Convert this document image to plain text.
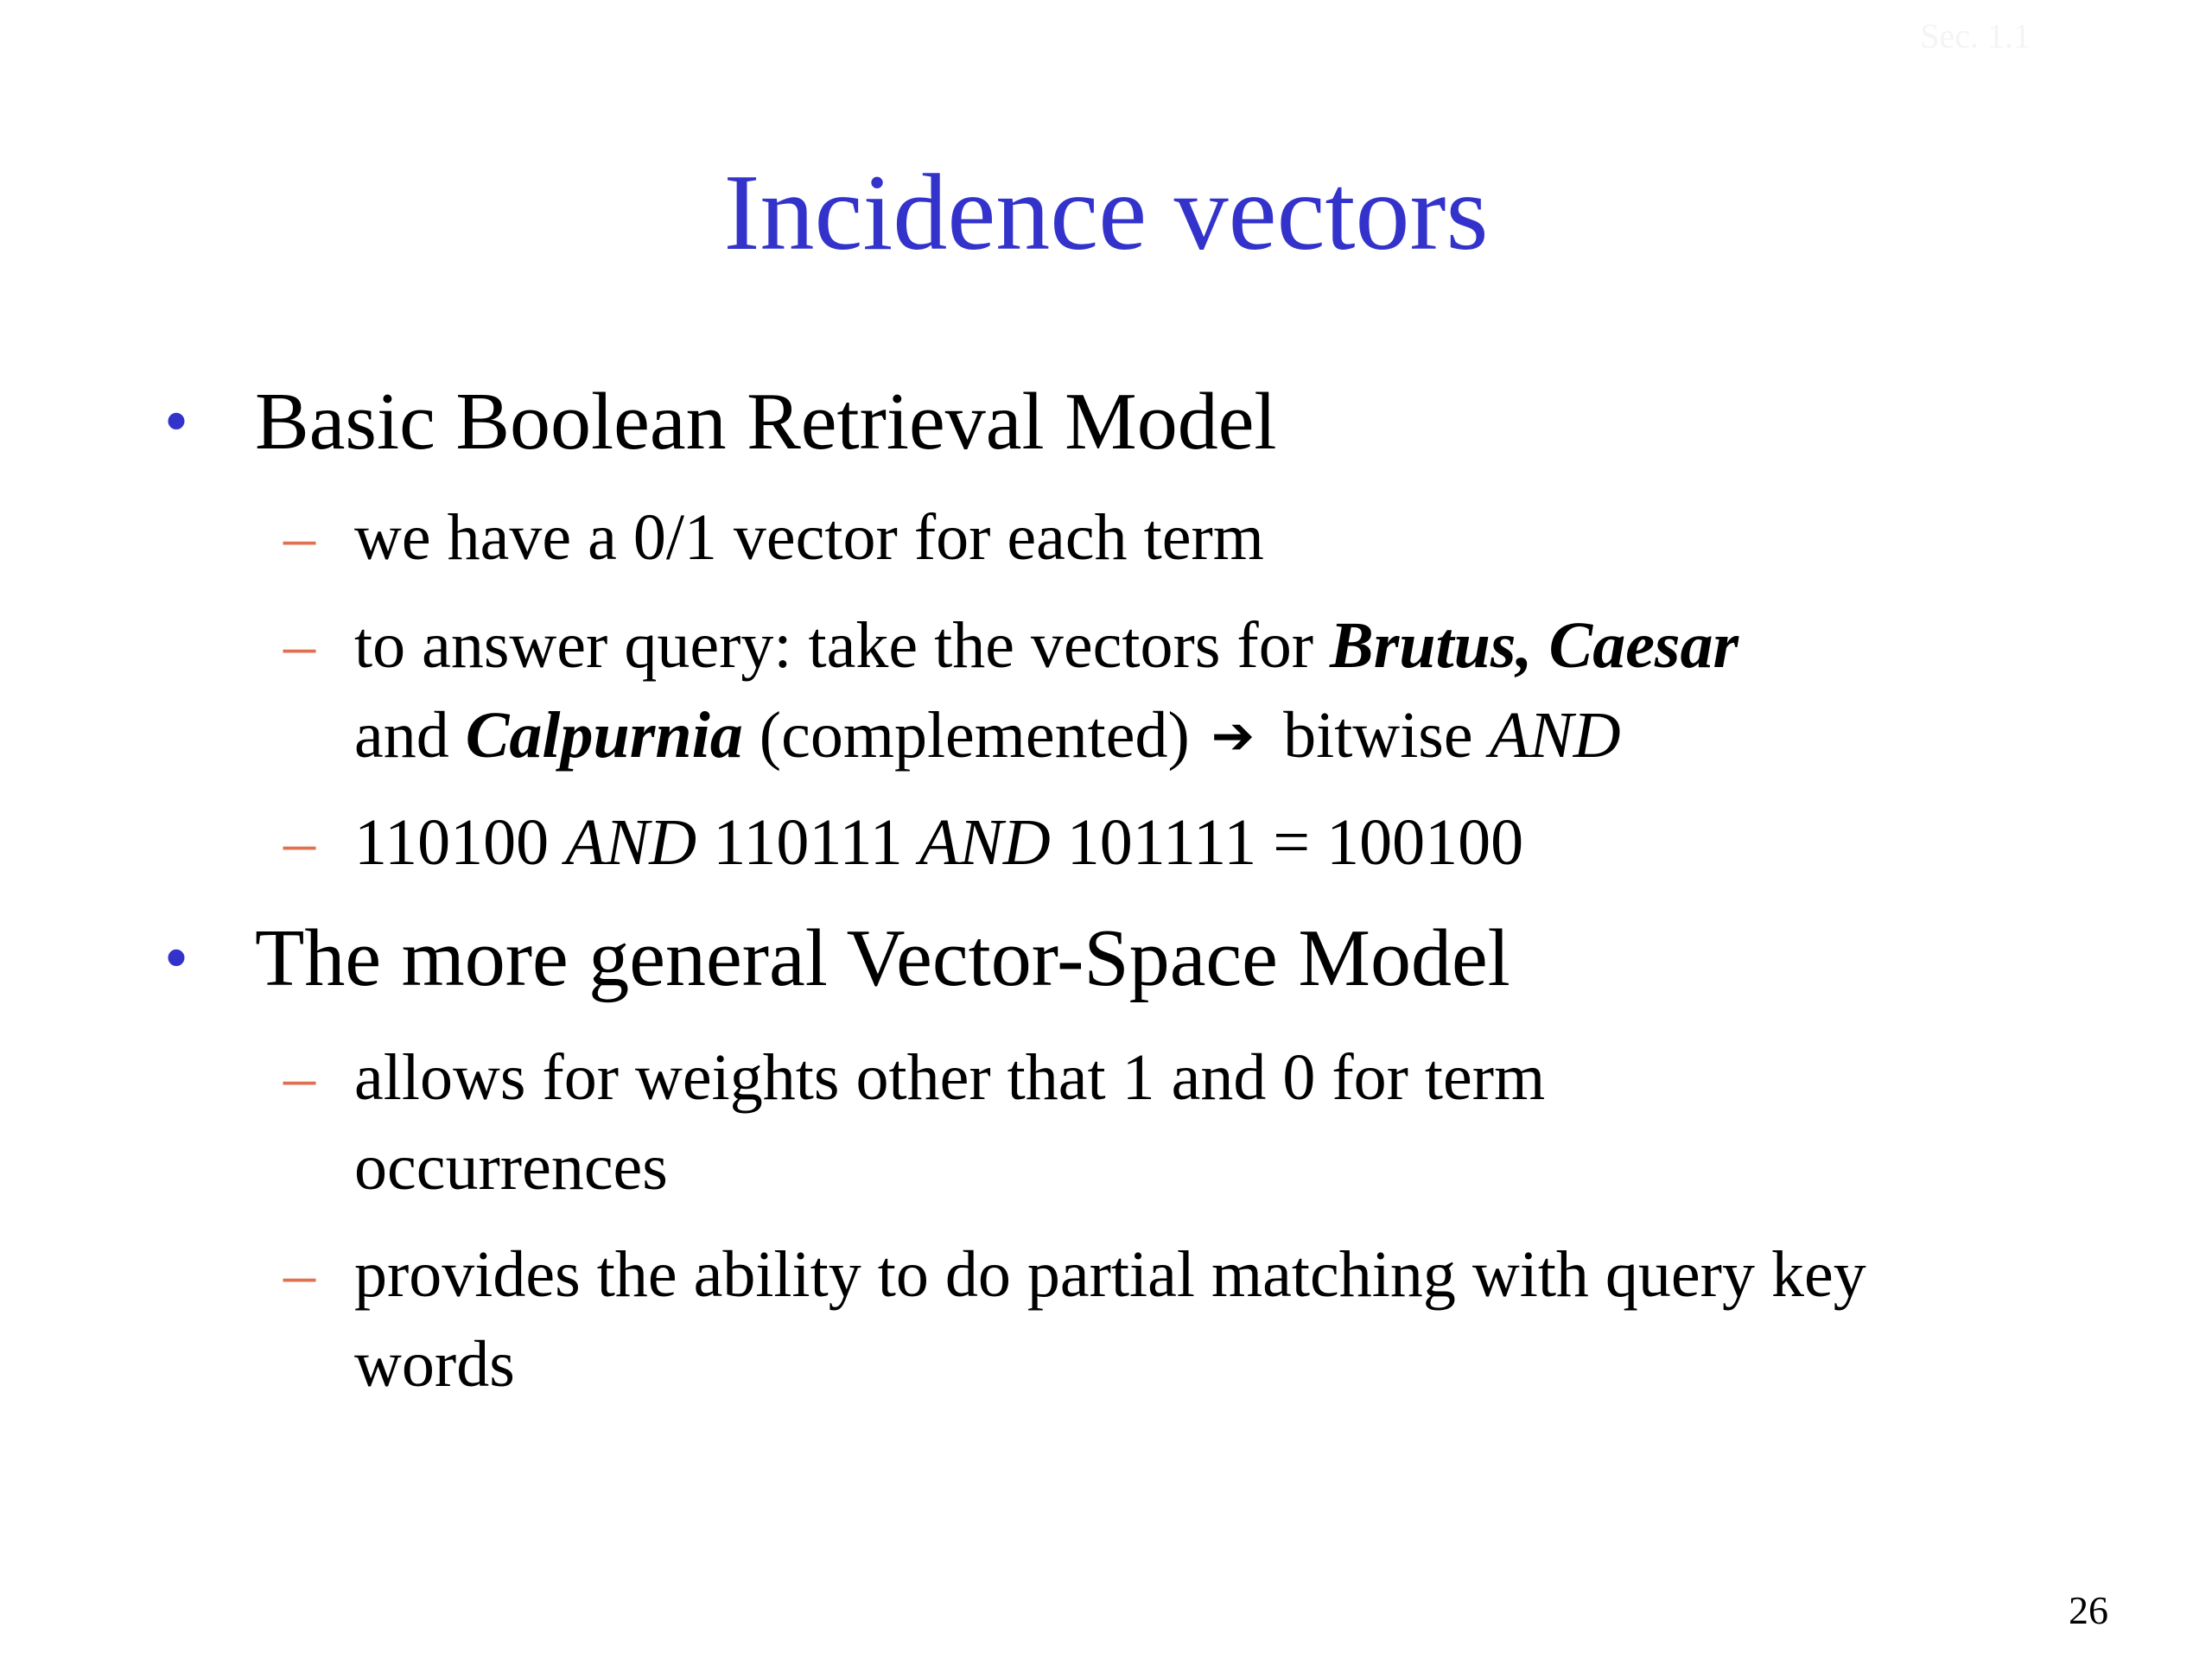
Sec. 1.1
Incidence vectors
• Basic Boolean Retrieval Model
– we have a 0/1 vector for each term
– to answer query: take the vectors for Brutus, Caesar
and Calpurnia (complemented) ➔ bitwise AND
– 110100 AND 110111 AND 101111 = 100100
• The more general Vector-Space Model
– allows for weights other that 1 and 0 for term occurrences
– provides the ability to do partial matching with query key words
26
